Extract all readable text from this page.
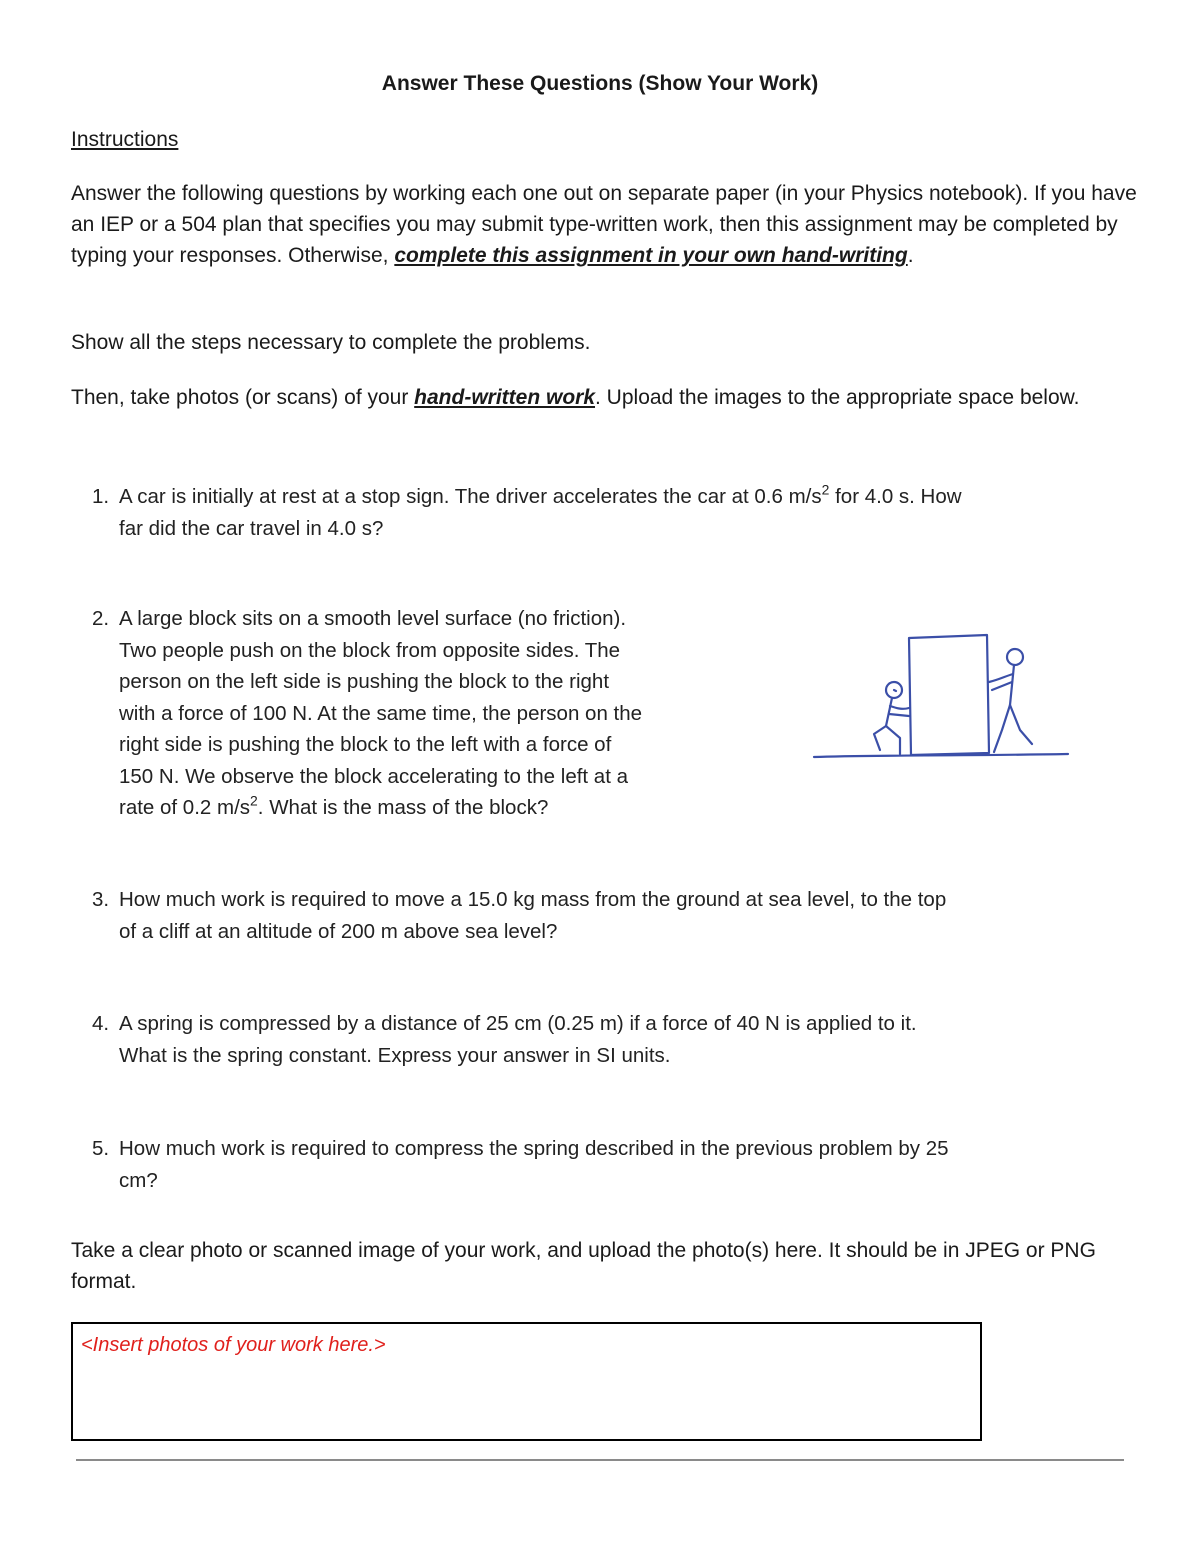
Answer These Questions (Show Your Work)
Instructions
Answer the following questions by working each one out on separate paper (in your Physics notebook). If you have an IEP or a 504 plan that specifies you may submit type-written work, then this assignment may be completed by typing your responses. Otherwise, complete this assignment in your own hand-writing.
Show all the steps necessary to complete the problems.
Then, take photos (or scans) of your hand-written work. Upload the images to the appropriate space below.
1. A car is initially at rest at a stop sign. The driver accelerates the car at 0.6 $m/s^2$ for 4.0 s. How
far did the car travel in 4.0 s?
2. A large block sits on a smooth level surface (no friction).
Two people push on the block from opposite sides. The
person on the left side is pushing the block to the right
with a force of 100 N. At the same time, the person on the
right side is pushing the block to the left with a force of
150 N. We observe the block accelerating to the left at a
rate of 0.2 $m/s^2$. What is the mass of the block?
3. How much work is required to move a 15.0 kg mass from the ground at sea level, to the top
of a cliff at an altitude of 200 m above sea level?
4. A spring is compressed by a distance of 25 cm (0.25 m) if a force of 40 N is applied to it.
What is the spring constant. Express your answer in SI units.
5. How much work is required to compress the spring described in the previous problem by 25
cm?
Take a clear photo or scanned image of your work, and upload the photo(s) here. It should be in JPEG or PNG format.
<Insert photos of your work here.>
